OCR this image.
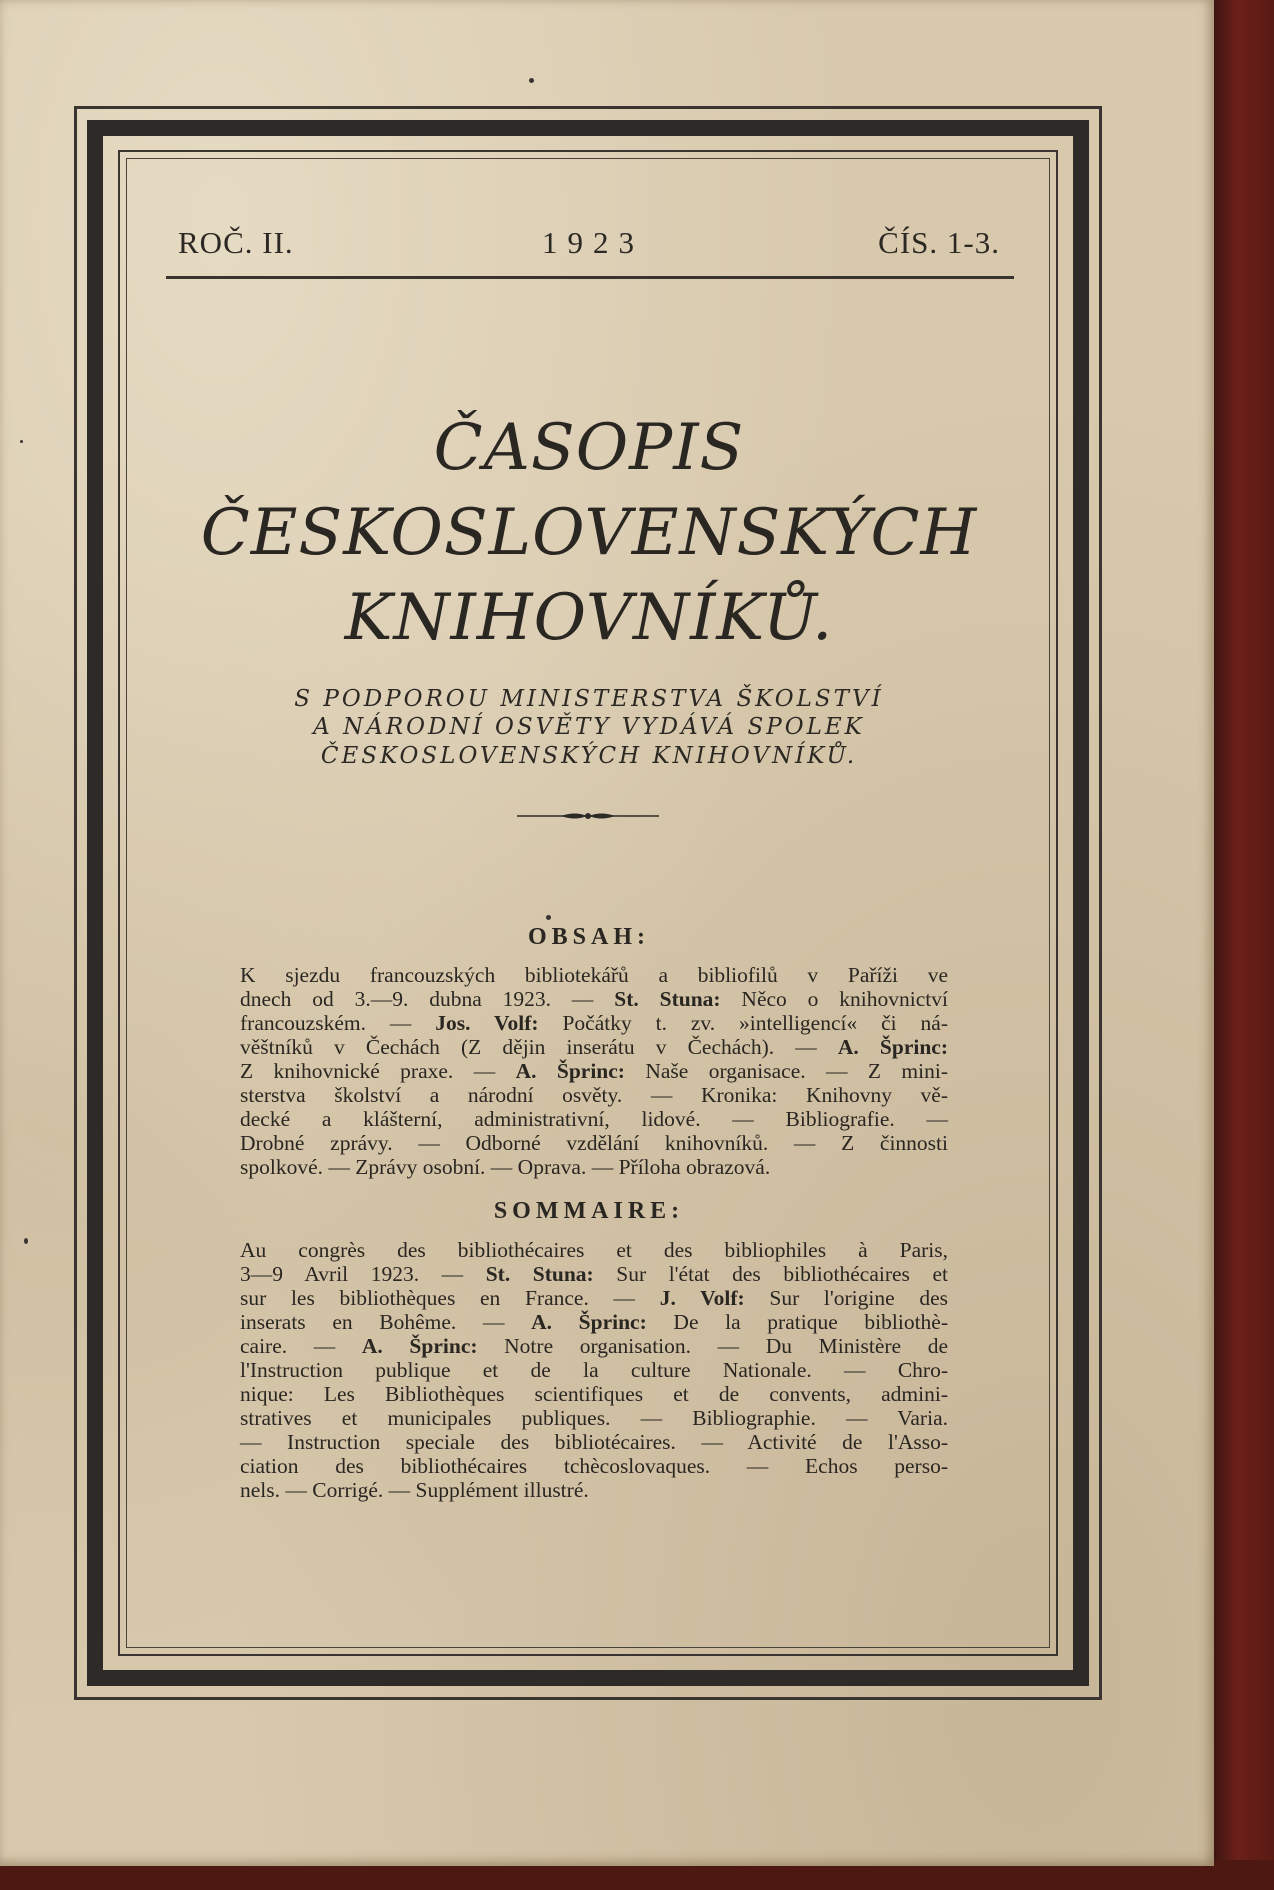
ROČ. II.	1923	ČÍS. 1-3.
ČASOPIS
ČESKOSLOVENSKÝCH
KNIHOVNÍKŮ.
S PODPOROU MINISTERSTVA ŠKOLSTVÍ
A NÁRODNÍ OSVĚTY VYDÁVÁ SPOLEK
ČESKOSLOVENSKÝCH KNIHOVNÍKŮ.
OBSAH:
K sjezdu francouzských bibliotekářů a bibliofilů v Paříži ve
dnech od 3.—9. dubna 1923. — St. Stuna: Něco o knihovnictví
francouzském. — Jos. Volf: Počátky t. zv. »intelligencí« či ná-
věštníků v Čechách (Z dějin inserátu v Čechách). — A. Šprinc:
Z knihovnické praxe. — A. Šprinc: Naše organisace. — Z mini-
sterstva školství a národní osvěty. — Kronika: Knihovny vě-
decké a klášterní, administrativní, lidové. — Bibliografie. —
Drobné zprávy. — Odborné vzdělání knihovníků. — Z činnosti
spolkové. — Zprávy osobní. — Oprava. — Příloha obrazová.
SOMMAIRE:
Au congrès des bibliothécaires et des bibliophiles à Paris,
3—9 Avril 1923. — St. Stuna: Sur l'état des bibliothécaires et
sur les bibliothèques en France. — J. Volf: Sur l'origine des
inserats en Bohême. — A. Šprinc: De la pratique bibliothè-
caire. — A. Šprinc: Notre organisation. — Du Ministère de
l'Instruction publique et de la culture Nationale. — Chro-
nique: Les Bibliothèques scientifiques et de convents, admini-
stratives et municipales publiques. — Bibliographie. — Varia.
— Instruction speciale des bibliotécaires. — Activité de l'Asso-
ciation des bibliothécaires tchècoslovaques. — Echos perso-
nels. — Corrigé. — Supplément illustré.
